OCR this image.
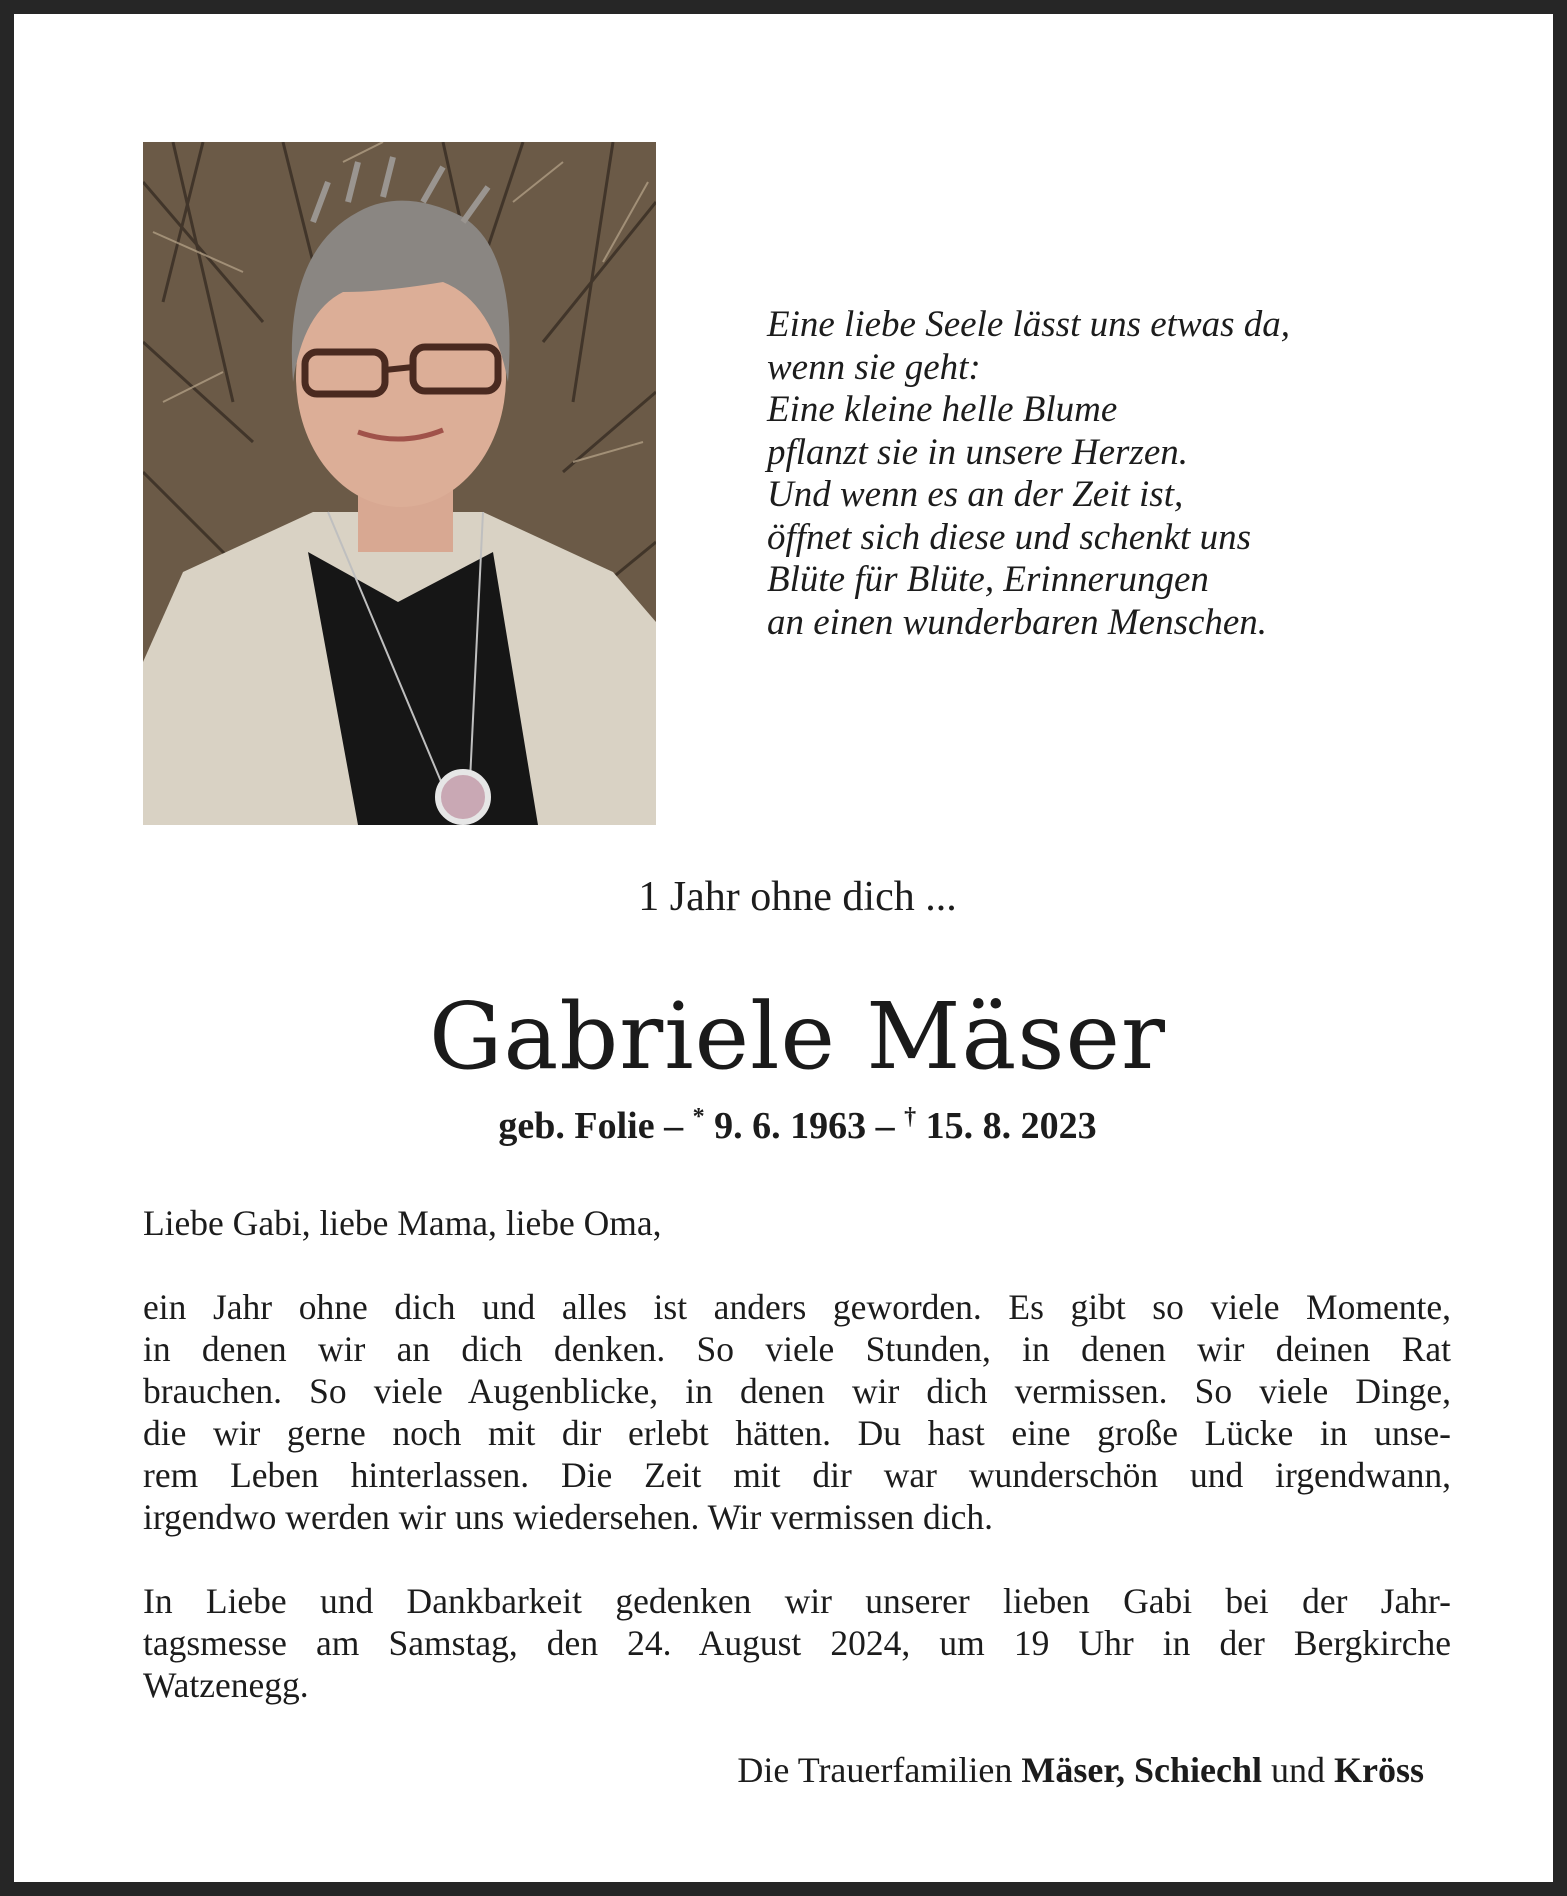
Eine liebe Seele lässt uns etwas da,
wenn sie geht:
Eine kleine helle Blume
pflanzt sie in unsere Herzen.
Und wenn es an der Zeit ist,
öffnet sich diese und schenkt uns
Blüte für Blüte, Erinnerungen
an einen wunderbaren Menschen.
1 Jahr ohne dich ...
Gabriele Mäser
geb. Folie – * 9. 6. 1963 – † 15. 8. 2023
Liebe Gabi, liebe Mama, liebe Oma,
ein Jahr ohne dich und alles ist anders geworden. Es gibt so viele Momente,
in denen wir an dich denken. So viele Stunden, in denen wir deinen Rat
brauchen. So viele Augenblicke, in denen wir dich vermissen. So viele Dinge,
die wir gerne noch mit dir erlebt hätten. Du hast eine große Lücke in unse-
rem Leben hinterlassen. Die Zeit mit dir war wunderschön und irgendwann,
irgendwo werden wir uns wiedersehen. Wir vermissen dich.
In Liebe und Dankbarkeit gedenken wir unserer lieben Gabi bei der Jahr-
tagsmesse am Samstag, den 24. August 2024, um 19 Uhr in der Bergkirche
Watzenegg.
Die Trauerfamilien Mäser, Schiechl und Kröss
